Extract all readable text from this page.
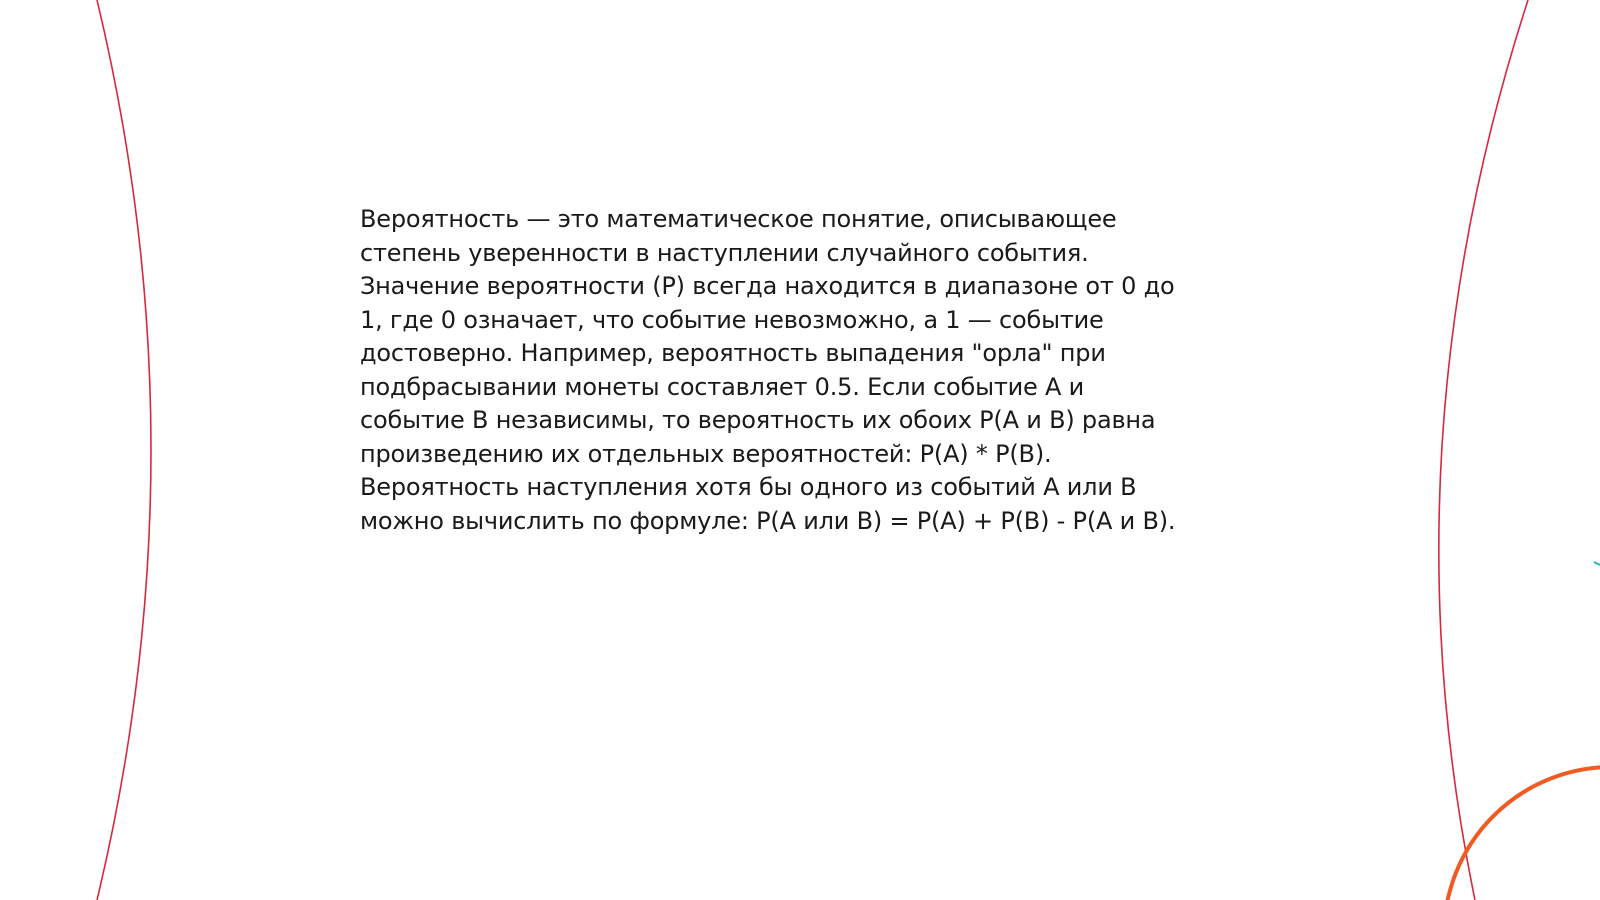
Вероятность — это математическое понятие, описывающее
степень уверенности в наступлении случайного события.
Значение вероятности (P) всегда находится в диапазоне от 0 до
1, где 0 означает, что событие невозможно, а 1 — событие
достоверно. Например, вероятность выпадения "орла" при
подбрасывании монеты составляет 0.5. Если событие A и
событие B независимы, то вероятность их обоих P(A и B) равна
произведению их отдельных вероятностей: P(A) * P(B).
Вероятность наступления хотя бы одного из событий A или B
можно вычислить по формуле: P(A или B) = P(A) + P(B) - P(A и B).
